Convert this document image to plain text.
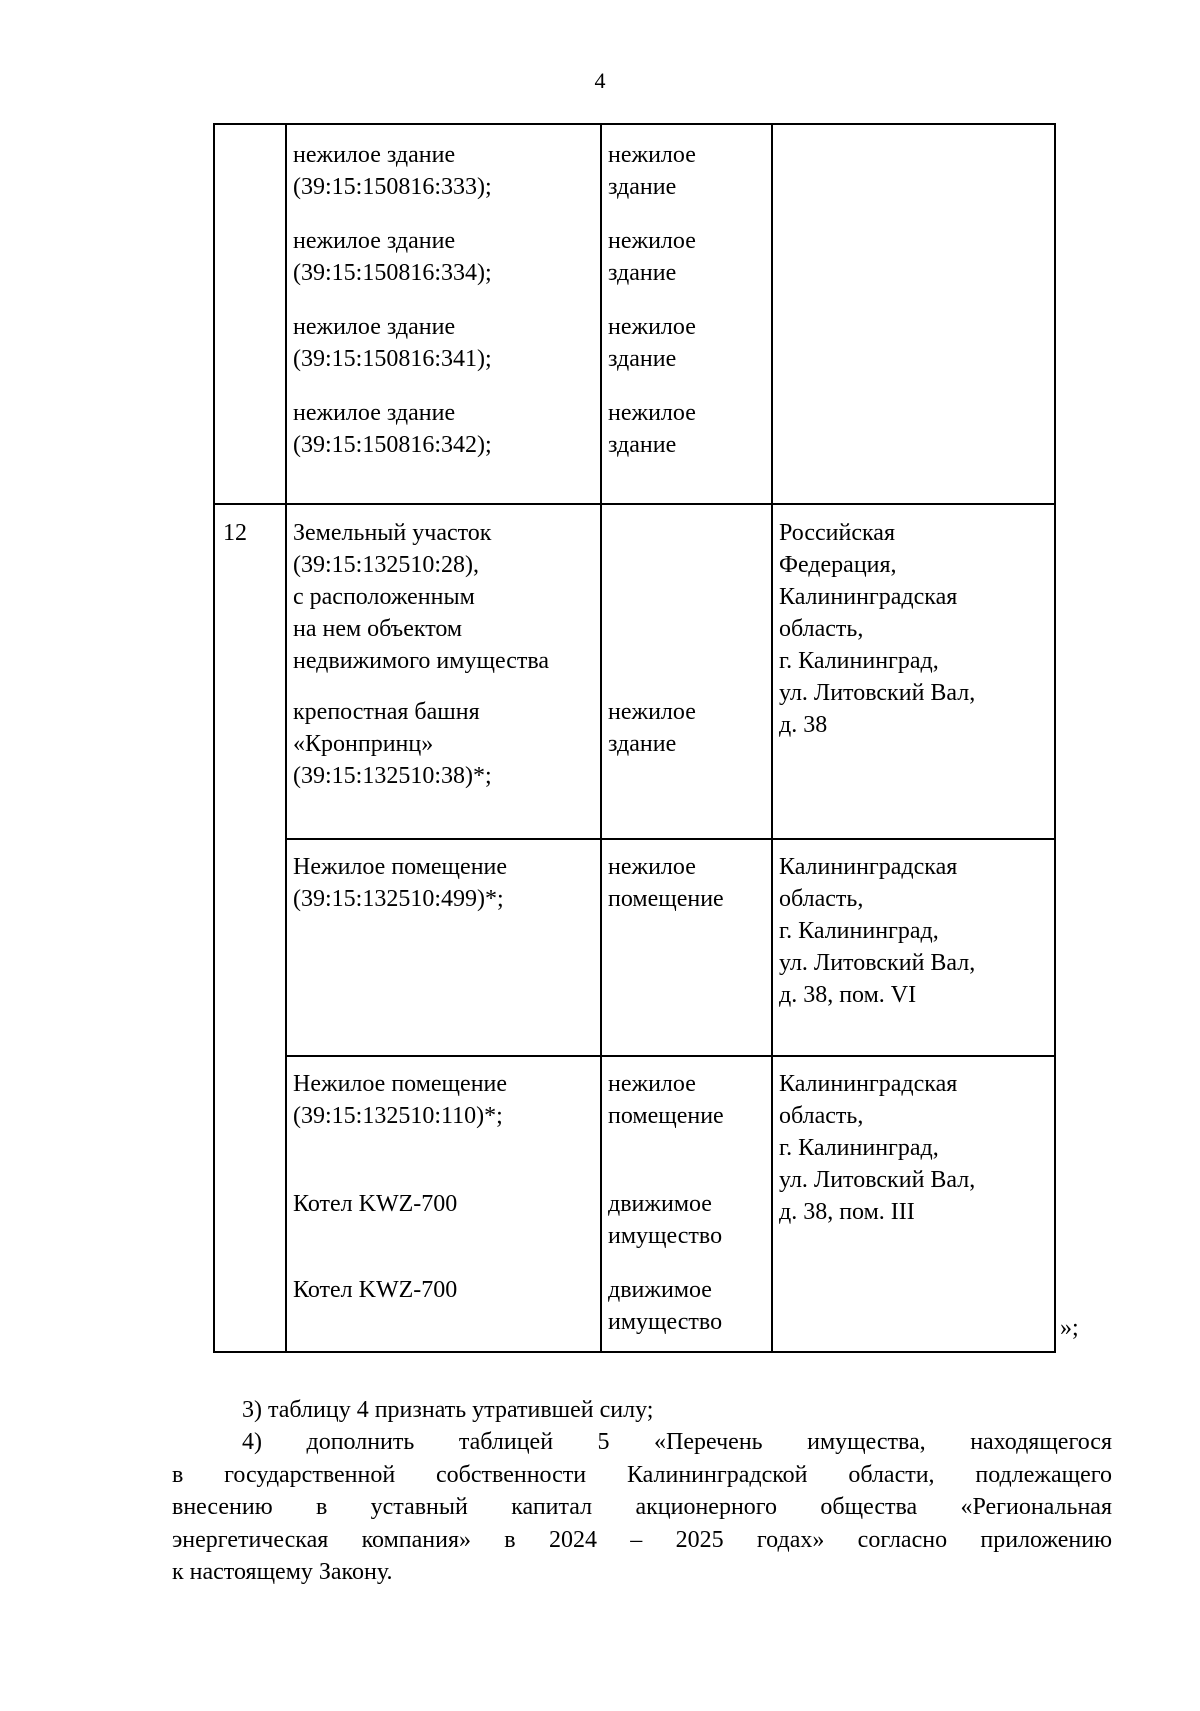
4
нежилое здание
(39:15:150816:333);
нежилое
здание
нежилое здание
(39:15:150816:334);
нежилое
здание
нежилое здание
(39:15:150816:341);
нежилое
здание
нежилое здание
(39:15:150816:342);
нежилое
здание
12 Земельный участок
(39:15:132510:28),
с расположенным
на нем объектом
недвижимого имущества
крепостная башня
«Кронпринц»
(39:15:132510:38)*;
нежилое
здание
Российская
Федерация,
Калининградская
область,
г. Калининград,
ул. Литовский Вал,
д. 38
Нежилое помещение
(39:15:132510:499)*;
нежилое
помещение
Калининградская
область,
г. Калининград,
ул. Литовский Вал,
д. 38, пом. VI
Нежилое помещение
(39:15:132510:110)*;
нежилое
помещение
Котел KWZ-700	движимое
имущество
Котел KWZ-700	движимое
имущество
Калининградская
область,
г. Калининград,
ул. Литовский Вал,
д. 38, пом. III
»;
3) таблицу 4 признать утратившей силу;
4) дополнить таблицей 5 «Перечень имущества, находящегося
в государственной собственности Калининградской области, подлежащего
внесению в уставный капитал акционерного общества «Региональная
энергетическая компания» в 2024 – 2025 годах» согласно приложению
к настоящему Закону.
